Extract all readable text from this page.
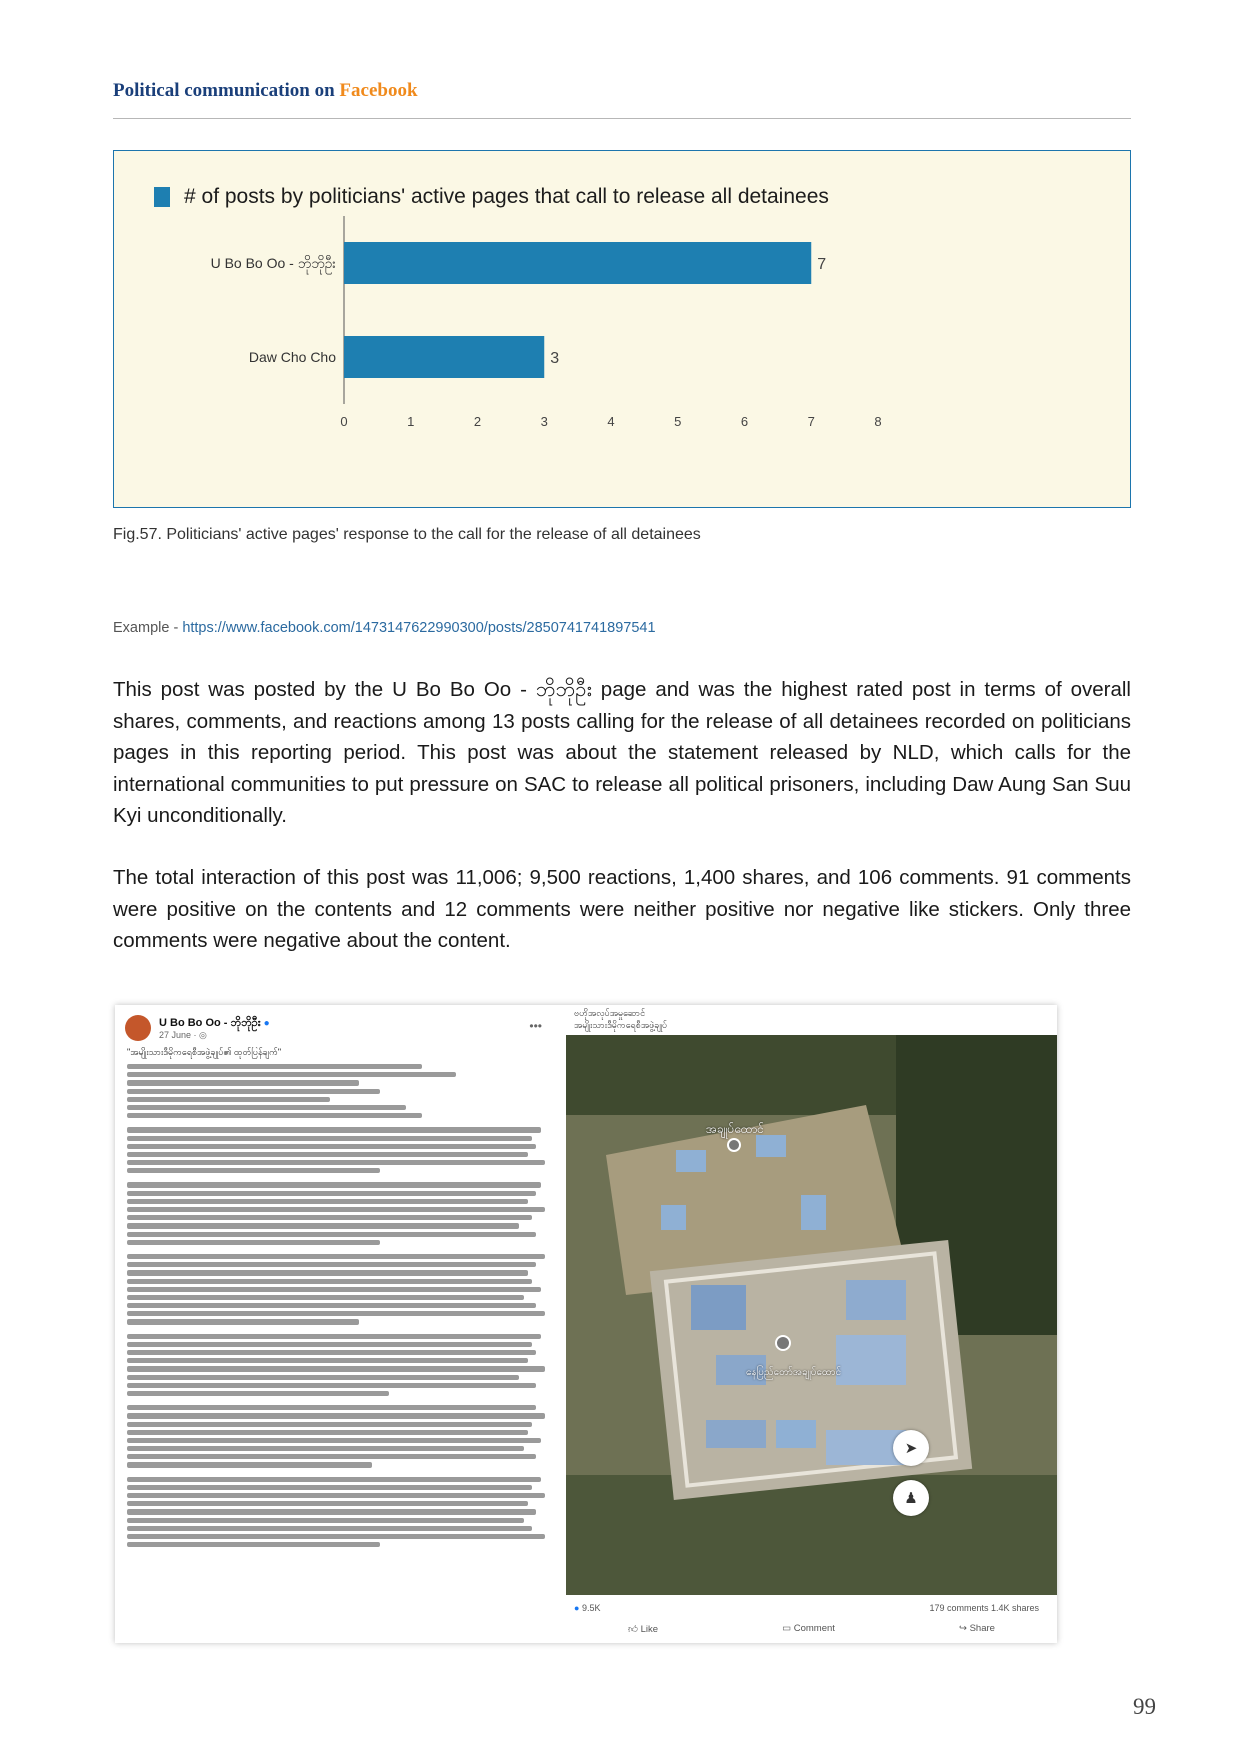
Political communication on Facebook
# of posts by politicians' active pages that call to release all detainees
0	1	2	3	4	5	6	7	8
U Bo Bo Oo - ဘိုဘိုဦး	7
Daw Cho Cho	3
Fig.57. Politicians' active pages' response to the call for the release of all detainees
Example - https://www.facebook.com/1473147622990300/posts/2850741741897541
This post was posted by the U Bo Bo Oo - ဘိုဘိုဦး page and was the highest rated post in terms of overall shares, comments, and reactions among 13 posts calling for the release of all detainees recorded on politicians pages in this reporting period. This post was about the statement released by NLD, which calls for the international communities to put pressure on SAC to release all political prisoners, including Daw Aung San Suu Kyi unconditionally.
The total interaction of this post was 11,006; 9,500 reactions, 1,400 shares, and 106 comments. 91 comments were positive on the contents and 12 comments were neither positive nor negative like stickers. Only three comments were negative about the content.
U Bo Bo Oo - ဘိုဘိုဦး ●
27 June · ◎
•••
"အမျိုးသားဒီမိုကရေစီအဖွဲ့ချုပ်၏ ထုတ်ပြန်ချက်"
ဗဟိုအလုပ်အမှုဆောင်
အမျိုးသားဒီမိုကရေစီအဖွဲ့ချုပ်
အချုပ်ထောင်
နေပြည်တော်အချုပ်ထောင်
➤
♟
● 9.5K	179 comments 1.4K shares
👍︎ Like	▭ Comment	↪ Share
99
